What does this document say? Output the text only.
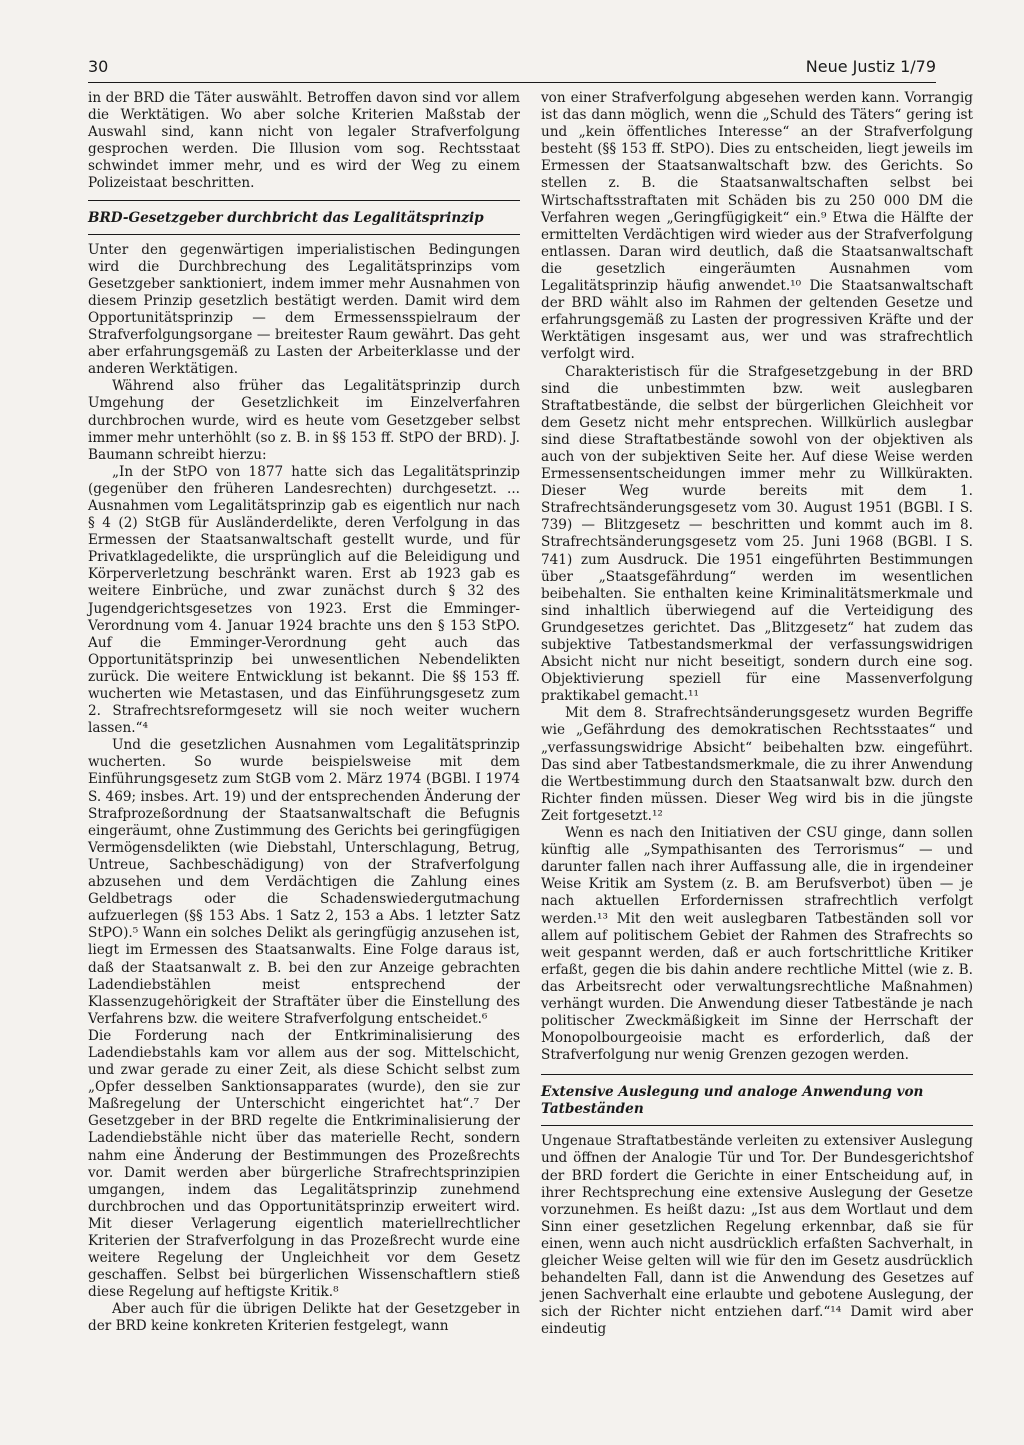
30	Neue Justiz 1/79

in der BRD die Täter auswählt. Betroffen davon sind vor allem die Werktätigen. Wo aber solche Kriterien Maßstab der Auswahl sind, kann nicht von legaler Strafverfolgung gesprochen werden. Die Illusion vom sog. Rechtsstaat schwindet immer mehr, und es wird der Weg zu einem Polizeistaat beschritten.

BRD-Gesetzgeber durchbricht das Legalitätsprinzip

Unter den gegenwärtigen imperialistischen Bedingungen wird die Durchbrechung des Legalitätsprinzips vom Gesetzgeber sanktioniert, indem immer mehr Ausnahmen von diesem Prinzip gesetzlich bestätigt werden. Damit wird dem Opportunitätsprinzip — dem Ermessensspielraum der Strafverfolgungsorgane — breitester Raum gewährt. Das geht aber erfahrungsgemäß zu Lasten der Arbeiterklasse und der anderen Werktätigen.

Während also früher das Legalitätsprinzip durch Umgehung der Gesetzlichkeit im Einzelverfahren durchbrochen wurde, wird es heute vom Gesetzgeber selbst immer mehr unterhöhlt (so z. B. in §§ 153 ff. StPO der BRD). J. Baumann schreibt hierzu:

„In der StPO von 1877 hatte sich das Legalitätsprinzip (gegenüber den früheren Landesrechten) durchgesetzt. ... Ausnahmen vom Legalitätsprinzip gab es eigentlich nur nach § 4 (2) StGB für Ausländerdelikte, deren Verfolgung in das Ermessen der Staatsanwaltschaft gestellt wurde, und für Privatklagedelikte, die ursprünglich auf die Beleidigung und Körperverletzung beschränkt waren. Erst ab 1923 gab es weitere Einbrüche, und zwar zunächst durch § 32 des Jugendgerichtsgesetzes von 1923. Erst die Emminger-Verordnung vom 4. Januar 1924 brachte uns den § 153 StPO. Auf die Emminger-Verordnung geht auch das Opportunitätsprinzip bei unwesentlichen Nebendelikten zurück. Die weitere Entwicklung ist bekannt. Die §§ 153 ff. wucherten wie Metastasen, und das Einführungsgesetz zum 2. Strafrechtsreformgesetz will sie noch weiter wuchern lassen.“⁴

Und die gesetzlichen Ausnahmen vom Legalitätsprinzip wucherten. So wurde beispielsweise mit dem Einführungsgesetz zum StGB vom 2. März 1974 (BGBl. I 1974 S. 469; insbes. Art. 19) und der entsprechenden Änderung der Strafprozeßordnung der Staatsanwaltschaft die Befugnis eingeräumt, ohne Zustimmung des Gerichts bei geringfügigen Vermögensdelikten (wie Diebstahl, Unterschlagung, Betrug, Untreue, Sachbeschädigung) von der Strafverfolgung abzusehen und dem Verdächtigen die Zahlung eines Geldbetrags oder die Schadenswiedergutmachung aufzuerlegen (§§ 153 Abs. 1 Satz 2, 153 a Abs. 1 letzter Satz StPO).⁵ Wann ein solches Delikt als geringfügig anzusehen ist, liegt im Ermessen des Staatsanwalts. Eine Folge daraus ist, daß der Staatsanwalt z. B. bei den zur Anzeige gebrachten Ladendiebstählen meist entsprechend der Klassenzugehörigkeit der Straftäter über die Einstellung des Verfahrens bzw. die weitere Strafverfolgung entscheidet.⁶

Die Forderung nach der Entkriminalisierung des Ladendiebstahls kam vor allem aus der sog. Mittelschicht, und zwar gerade zu einer Zeit, als diese Schicht selbst zum „Opfer desselben Sanktionsapparates (wurde), den sie zur Maßregelung der Unterschicht eingerichtet hat“.⁷ Der Gesetzgeber in der BRD regelte die Entkriminalisierung der Ladendiebstähle nicht über das materielle Recht, sondern nahm eine Änderung der Bestimmungen des Prozeßrechts vor. Damit werden aber bürgerliche Strafrechtsprinzipien umgangen, indem das Legalitätsprinzip zunehmend durchbrochen und das Opportunitätsprinzip erweitert wird. Mit dieser Verlagerung eigentlich materiellrechtlicher Kriterien der Strafverfolgung in das Prozeßrecht wurde eine weitere Regelung der Ungleichheit vor dem Gesetz geschaffen. Selbst bei bürgerlichen Wissenschaftlern stieß diese Regelung auf heftigste Kritik.⁸

Aber auch für die übrigen Delikte hat der Gesetzgeber in der BRD keine konkreten Kriterien festgelegt, wann

von einer Strafverfolgung abgesehen werden kann. Vorrangig ist das dann möglich, wenn die „Schuld des Täters“ gering ist und „kein öffentliches Interesse“ an der Strafverfolgung besteht (§§ 153 ff. StPO). Dies zu entscheiden, liegt jeweils im Ermessen der Staatsanwaltschaft bzw. des Gerichts. So stellen z. B. die Staatsanwaltschaften selbst bei Wirtschaftsstraftaten mit Schäden bis zu 250 000 DM die Verfahren wegen „Geringfügigkeit“ ein.⁹ Etwa die Hälfte der ermittelten Verdächtigen wird wieder aus der Strafverfolgung entlassen. Daran wird deutlich, daß die Staatsanwaltschaft die gesetzlich eingeräumten Ausnahmen vom Legalitätsprinzip häufig anwendet.¹⁰ Die Staatsanwaltschaft der BRD wählt also im Rahmen der geltenden Gesetze und erfahrungsgemäß zu Lasten der progressiven Kräfte und der Werktätigen insgesamt aus, wer und was strafrechtlich verfolgt wird.

Charakteristisch für die Strafgesetzgebung in der BRD sind die unbestimmten bzw. weit auslegbaren Straftatbestände, die selbst der bürgerlichen Gleichheit vor dem Gesetz nicht mehr entsprechen. Willkürlich auslegbar sind diese Straftatbestände sowohl von der objektiven als auch von der subjektiven Seite her. Auf diese Weise werden Ermessensentscheidungen immer mehr zu Willkürakten. Dieser Weg wurde bereits mit dem 1. Strafrechtsänderungsgesetz vom 30. August 1951 (BGBl. I S. 739) — Blitzgesetz — beschritten und kommt auch im 8. Strafrechtsänderungsgesetz vom 25. Juni 1968 (BGBl. I S. 741) zum Ausdruck. Die 1951 eingeführten Bestimmungen über „Staatsgefährdung“ werden im wesentlichen beibehalten. Sie enthalten keine Kriminalitätsmerkmale und sind inhaltlich überwiegend auf die Verteidigung des Grundgesetzes gerichtet. Das „Blitzgesetz“ hat zudem das subjektive Tatbestandsmerkmal der verfassungswidrigen Absicht nicht nur nicht beseitigt, sondern durch eine sog. Objektivierung speziell für eine Massenverfolgung praktikabel gemacht.¹¹

Mit dem 8. Strafrechtsänderungsgesetz wurden Begriffe wie „Gefährdung des demokratischen Rechtsstaates“ und „verfassungswidrige Absicht“ beibehalten bzw. eingeführt. Das sind aber Tatbestandsmerkmale, die zu ihrer Anwendung die Wertbestimmung durch den Staatsanwalt bzw. durch den Richter finden müssen. Dieser Weg wird bis in die jüngste Zeit fortgesetzt.¹²

Wenn es nach den Initiativen der CSU ginge, dann sollen künftig alle „Sympathisanten des Terrorismus“ — und darunter fallen nach ihrer Auffassung alle, die in irgendeiner Weise Kritik am System (z. B. am Berufsverbot) üben — je nach aktuellen Erfordernissen strafrechtlich verfolgt werden.¹³ Mit den weit auslegbaren Tatbeständen soll vor allem auf politischem Gebiet der Rahmen des Strafrechts so weit gespannt werden, daß er auch fortschrittliche Kritiker erfaßt, gegen die bis dahin andere rechtliche Mittel (wie z. B. das Arbeitsrecht oder verwaltungsrechtliche Maßnahmen) verhängt wurden. Die Anwendung dieser Tatbestände je nach politischer Zweckmäßigkeit im Sinne der Herrschaft der Monopolbourgeoisie macht es erforderlich, daß der Strafverfolgung nur wenig Grenzen gezogen werden.

Extensive Auslegung und analoge Anwendung von Tatbeständen

Ungenaue Straftatbestände verleiten zu extensiver Auslegung und öffnen der Analogie Tür und Tor. Der Bundesgerichtshof der BRD fordert die Gerichte in einer Entscheidung auf, in ihrer Rechtsprechung eine extensive Auslegung der Gesetze vorzunehmen. Es heißt dazu: „Ist aus dem Wortlaut und dem Sinn einer gesetzlichen Regelung erkennbar, daß sie für einen, wenn auch nicht ausdrücklich erfaßten Sachverhalt, in gleicher Weise gelten will wie für den im Gesetz ausdrücklich behandelten Fall, dann ist die Anwendung des Gesetzes auf jenen Sachverhalt eine erlaubte und gebotene Auslegung, der sich der Richter nicht entziehen darf.“¹⁴ Damit wird aber eindeutig
